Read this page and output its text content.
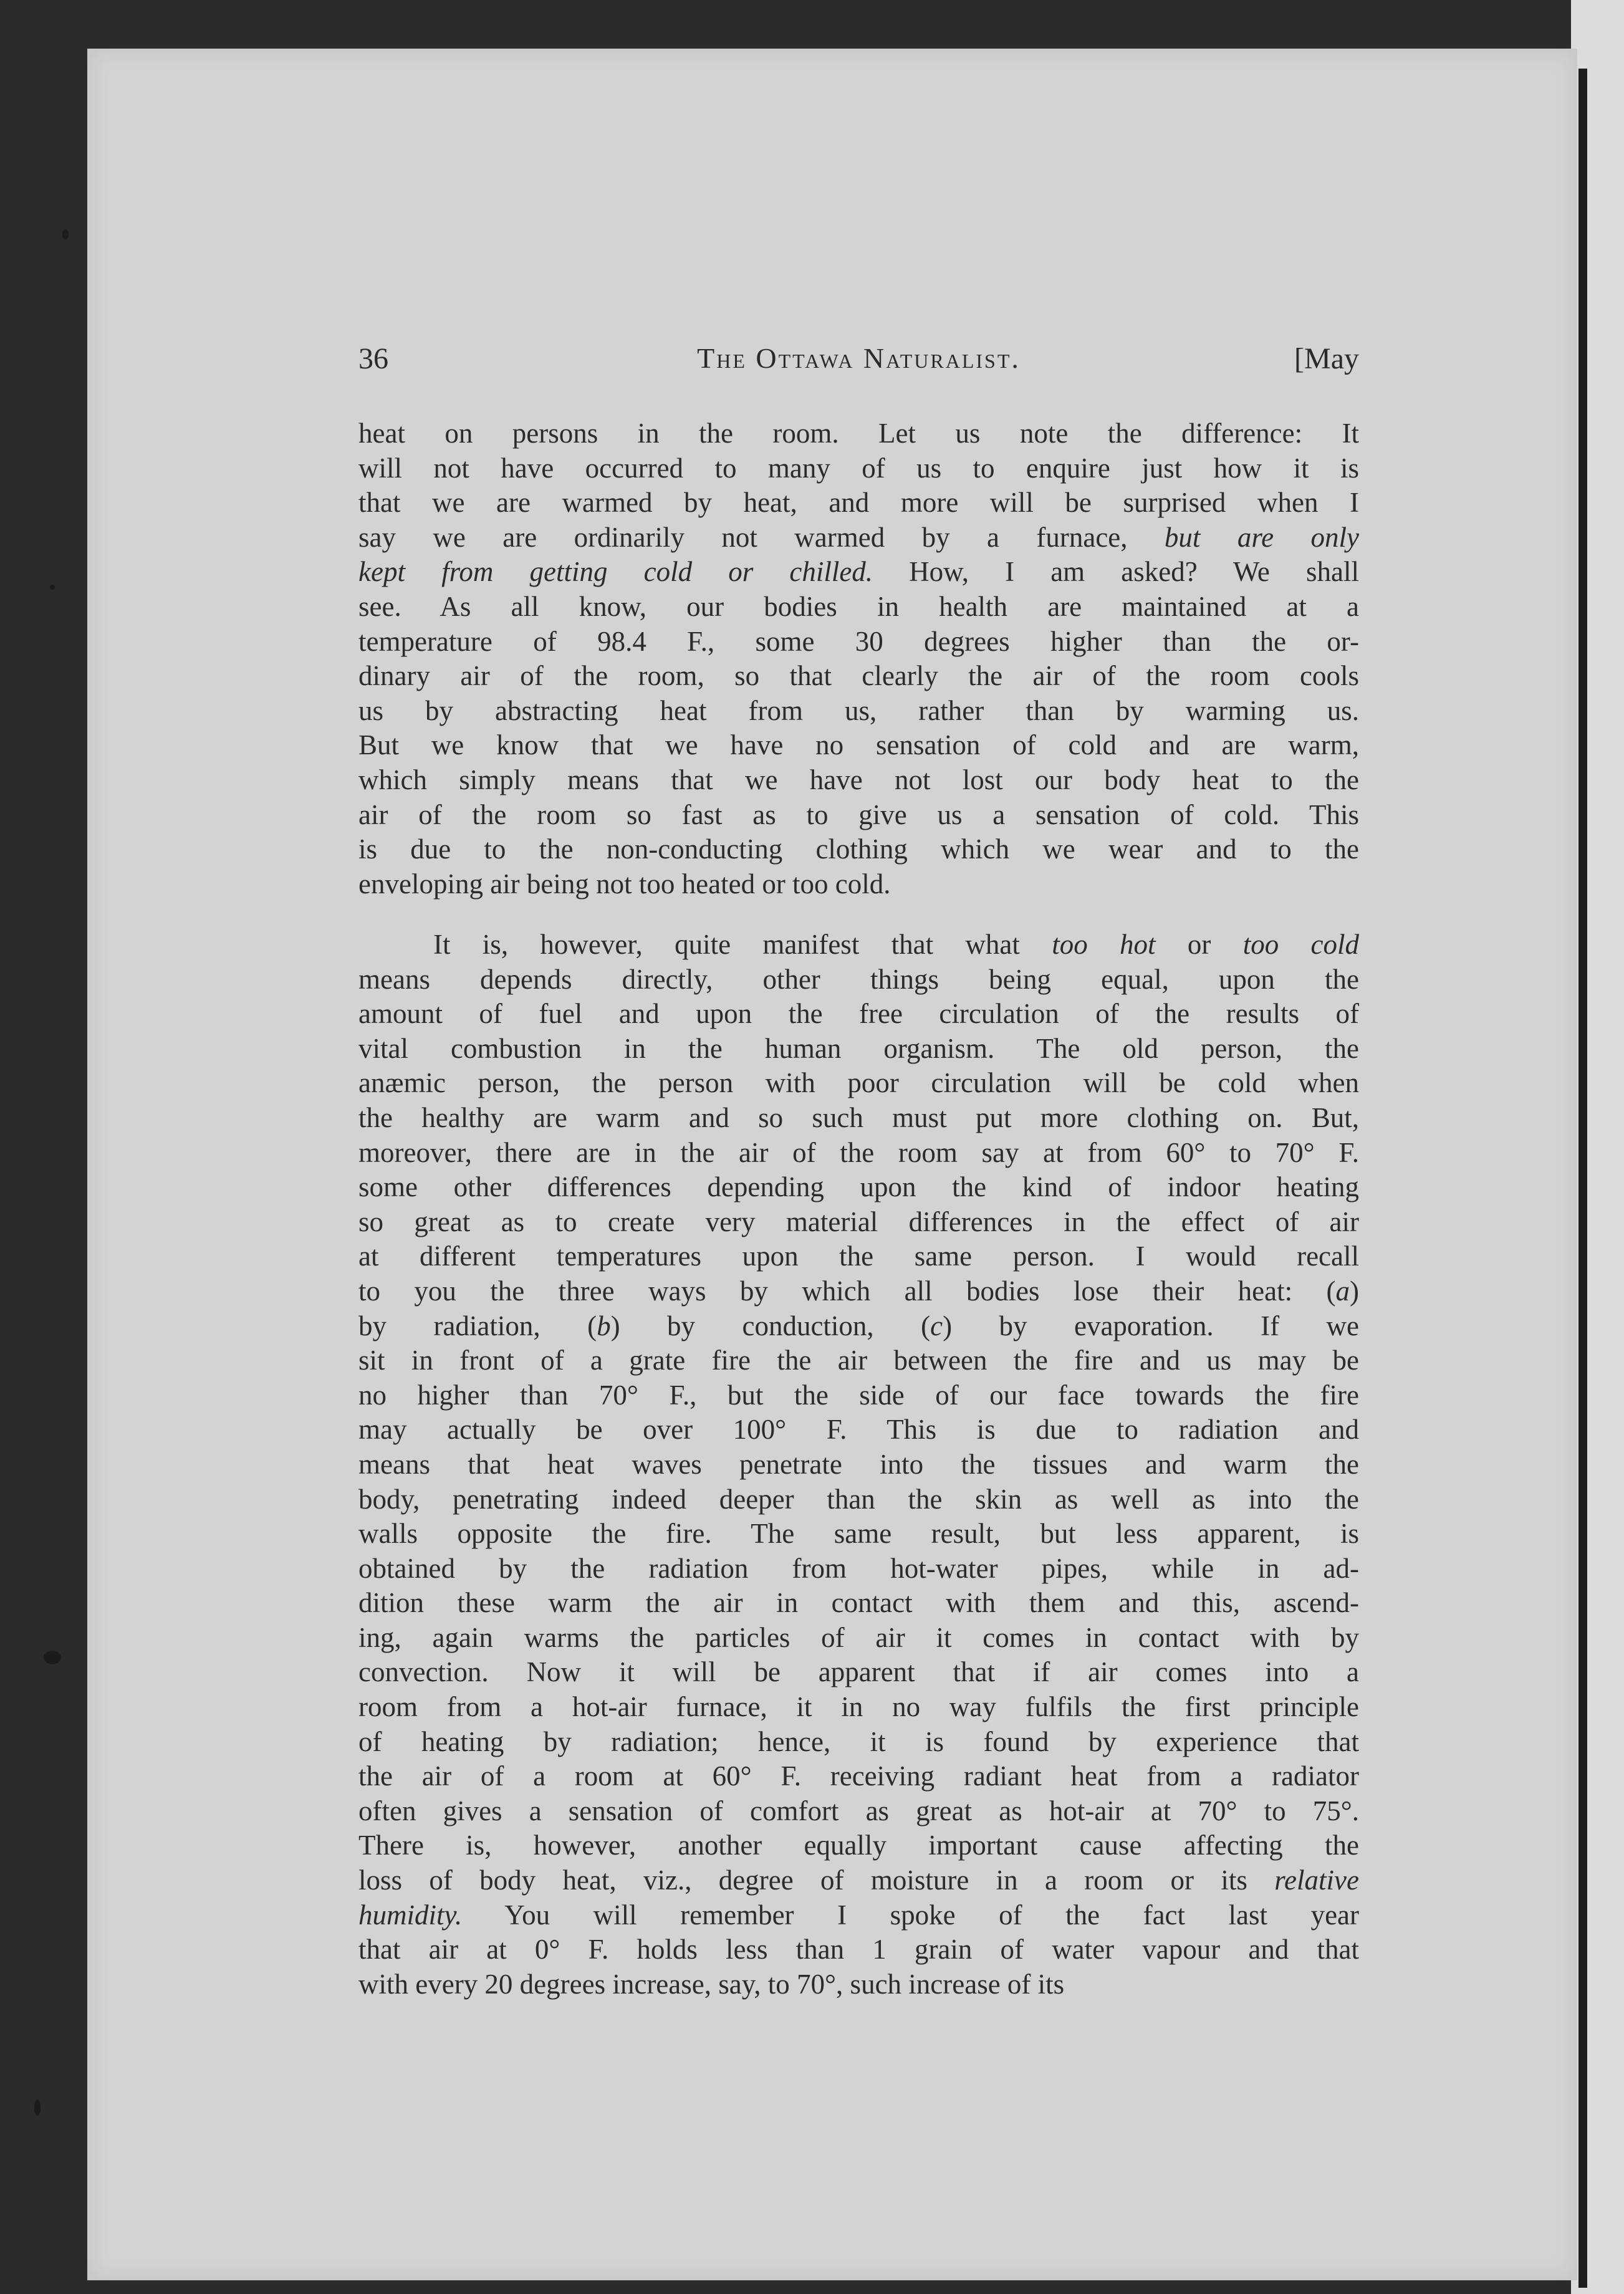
36	The Ottawa Naturalist.	[May
heat on persons in the room. Let us note the difference: It
will not have occurred to many of us to enquire just how it is
that we are warmed by heat, and more will be surprised when I
say we are ordinarily not warmed by a furnace, but are only
kept from getting cold or chilled. How, I am asked? We shall
see. As all know, our bodies in health are maintained at a
temperature of 98.4 F., some 30 degrees higher than the or-
dinary air of the room, so that clearly the air of the room cools
us by abstracting heat from us, rather than by warming us.
But we know that we have no sensation of cold and are warm,
which simply means that we have not lost our body heat to the
air of the room so fast as to give us a sensation of cold. This
is due to the non-conducting clothing which we wear and to the
enveloping air being not too heated or too cold.
It is, however, quite manifest that what too hot or too cold
means depends directly, other things being equal, upon the
amount of fuel and upon the free circulation of the results of
vital combustion in the human organism. The old person, the
anæmic person, the person with poor circulation will be cold when
the healthy are warm and so such must put more clothing on. But,
moreover, there are in the air of the room say at from 60° to 70° F.
some other differences depending upon the kind of indoor heating
so great as to create very material differences in the effect of air
at different temperatures upon the same person. I would recall
to you the three ways by which all bodies lose their heat: (a)
by radiation, (b) by conduction, (c) by evaporation. If we
sit in front of a grate fire the air between the fire and us may be
no higher than 70° F., but the side of our face towards the fire
may actually be over 100° F. This is due to radiation and
means that heat waves penetrate into the tissues and warm the
body, penetrating indeed deeper than the skin as well as into the
walls opposite the fire. The same result, but less apparent, is
obtained by the radiation from hot-water pipes, while in ad-
dition these warm the air in contact with them and this, ascend-
ing, again warms the particles of air it comes in contact with by
convection. Now it will be apparent that if air comes into a
room from a hot-air furnace, it in no way fulfils the first principle
of heating by radiation; hence, it is found by experience that
the air of a room at 60° F. receiving radiant heat from a radiator
often gives a sensation of comfort as great as hot-air at 70° to 75°.
There is, however, another equally important cause affecting the
loss of body heat, viz., degree of moisture in a room or its relative
humidity. You will remember I spoke of the fact last year
that air at 0° F. holds less than 1 grain of water vapour and that
with every 20 degrees increase, say, to 70°, such increase of its
